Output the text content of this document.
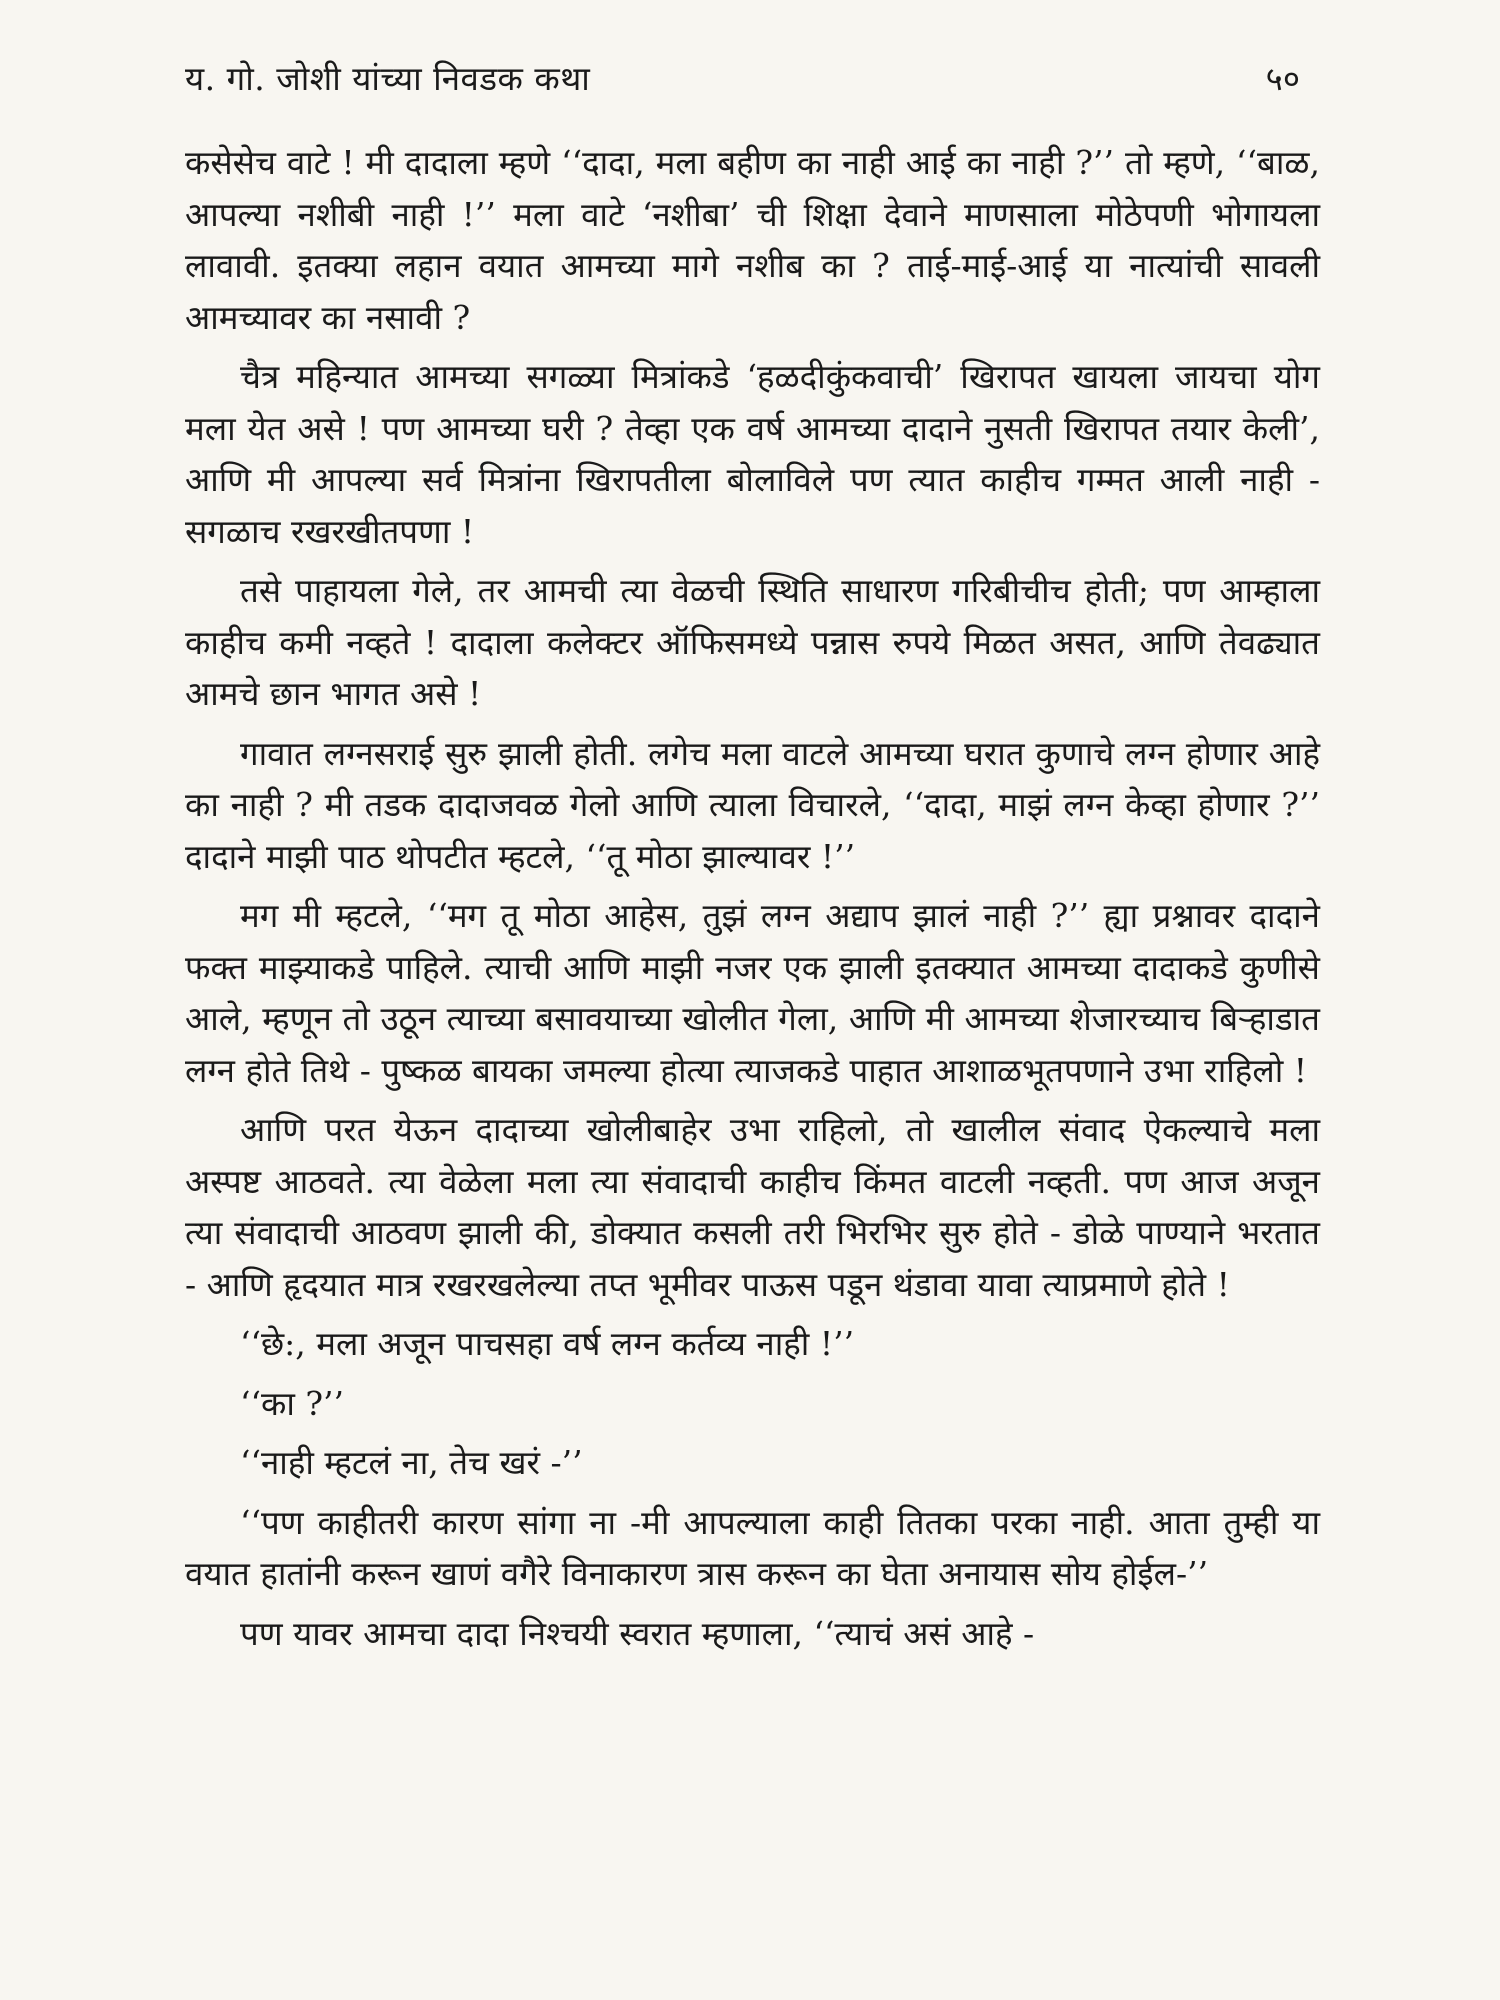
य. गो. जोशी यांच्या निवडक कथा	५०

कसेसेच वाटे ! मी दादाला म्हणे ‘‘दादा, मला बहीण का नाही आई का नाही ?’’ तो म्हणे, ‘‘बाळ, आपल्या नशीबी नाही !’’ मला वाटे ‘नशीबा’ ची शिक्षा देवाने माणसाला मोठेपणी भोगायला लावावी. इतक्या लहान वयात आमच्या मागे नशीब का ? ताई-माई-आई या नात्यांची सावली आमच्यावर का नसावी ?

चैत्र महिन्यात आमच्या सगळ्या मित्रांकडे ‘हळदीकुंकवाची’ खिरापत खायला जायचा योग मला येत असे ! पण आमच्या घरी ? तेव्हा एक वर्ष आमच्या दादाने नुसती खिरापत तयार केली’, आणि मी आपल्या सर्व मित्रांना खिरापतीला बोलाविले पण त्यात काहीच गम्मत आली नाही - सगळाच रखरखीतपणा !

तसे पाहायला गेले, तर आमची त्या वेळची स्थिति साधारण गरिबीचीच होती; पण आम्हाला काहीच कमी नव्हते ! दादाला कलेक्टर ऑफिसमध्ये पन्नास रुपये मिळत असत, आणि तेवढ्यात आमचे छान भागत असे !

गावात लग्नसराई सुरु झाली होती. लगेच मला वाटले आमच्या घरात कुणाचे लग्न होणार आहे का नाही ? मी तडक दादाजवळ गेलो आणि त्याला विचारले, ‘‘दादा, माझं लग्न केव्हा होणार ?’’ दादाने माझी पाठ थोपटीत म्हटले, ‘‘तू मोठा झाल्यावर !’’

मग मी म्हटले, ‘‘मग तू मोठा आहेस, तुझं लग्न अद्याप झालं नाही ?’’ ह्या प्रश्नावर दादाने फक्त माझ्याकडे पाहिले. त्याची आणि माझी नजर एक झाली इतक्यात आमच्या दादाकडे कुणीसे आले, म्हणून तो उठून त्याच्या बसावयाच्या खोलीत गेला, आणि मी आमच्या शेजारच्याच बिऱ्हाडात लग्न होते तिथे - पुष्कळ बायका जमल्या होत्या त्याजकडे पाहात आशाळभूतपणाने उभा राहिलो !

आणि परत येऊन दादाच्या खोलीबाहेर उभा राहिलो, तो खालील संवाद ऐकल्याचे मला अस्पष्ट आठवते. त्या वेळेला मला त्या संवादाची काहीच किंमत वाटली नव्हती. पण आज अजून त्या संवादाची आठवण झाली की, डोक्यात कसली तरी भिरभिर सुरु होते - डोळे पाण्याने भरतात - आणि हृदयात मात्र रखरखलेल्या तप्त भूमीवर पाऊस पडून थंडावा यावा त्याप्रमाणे होते !

‘‘छे:, मला अजून पाचसहा वर्ष लग्न कर्तव्य नाही !’’

‘‘का ?’’

‘‘नाही म्हटलं ना, तेच खरं -’’

‘‘पण काहीतरी कारण सांगा ना -मी आपल्याला काही तितका परका नाही. आता तुम्ही या वयात हातांनी करून खाणं वगैरे विनाकारण त्रास करून का घेता अनायास सोय होईल-’’

पण यावर आमचा दादा निश्चयी स्वरात म्हणाला, ‘‘त्याचं असं आहे -
